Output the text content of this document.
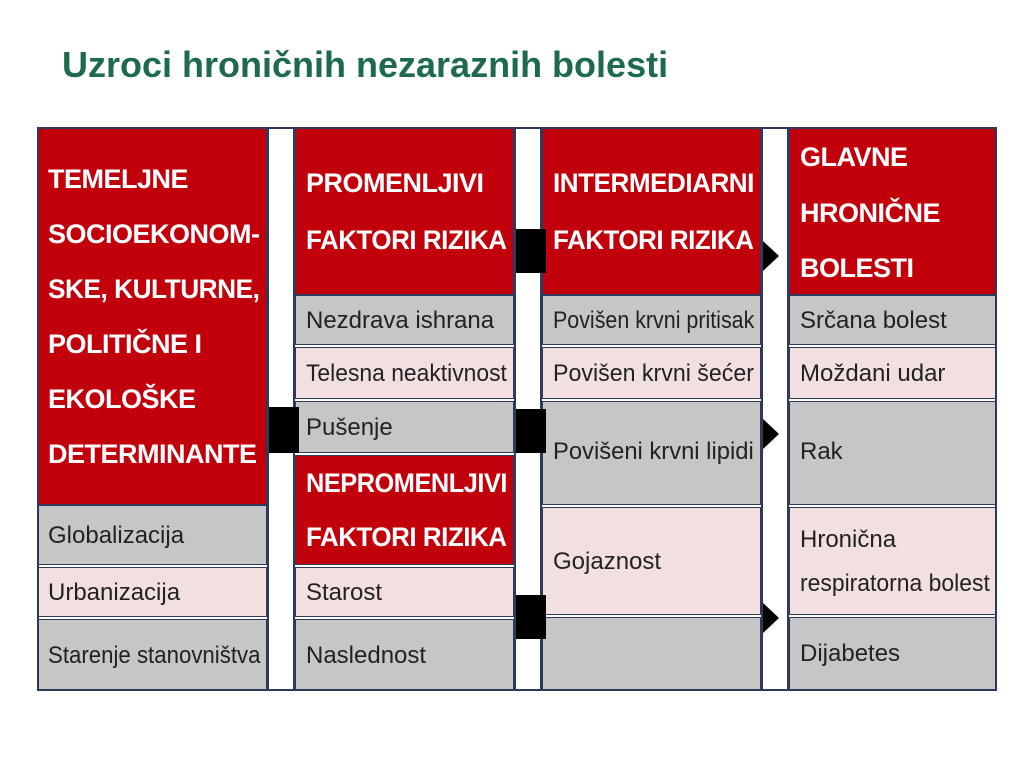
Uzroci hroničnih nezaraznih bolesti
TEMELJNE
SOCIOEKONOM-
SKE, KULTURNE,
POLITIČNE I
EKOLOŠKE
DETERMINANTE
Globalizacija
Urbanizacija
Starenje stanovništva
PROMENLJIVI
FAKTORI RIZIKA
Nezdrava ishrana
Telesna neaktivnost
Pušenje
NEPROMENLJIVI
FAKTORI RIZIKA
Starost
Naslednost
INTERMEDIARNI
FAKTORI RIZIKA
Povišen krvni pritisak
Povišen krvni šećer
Povišeni krvni lipidi
Gojaznost
GLAVNE
HRONIČNE
BOLESTI
Srčana bolest
Moždani udar
Rak
Hronična
respiratorna bolest
Dijabetes
